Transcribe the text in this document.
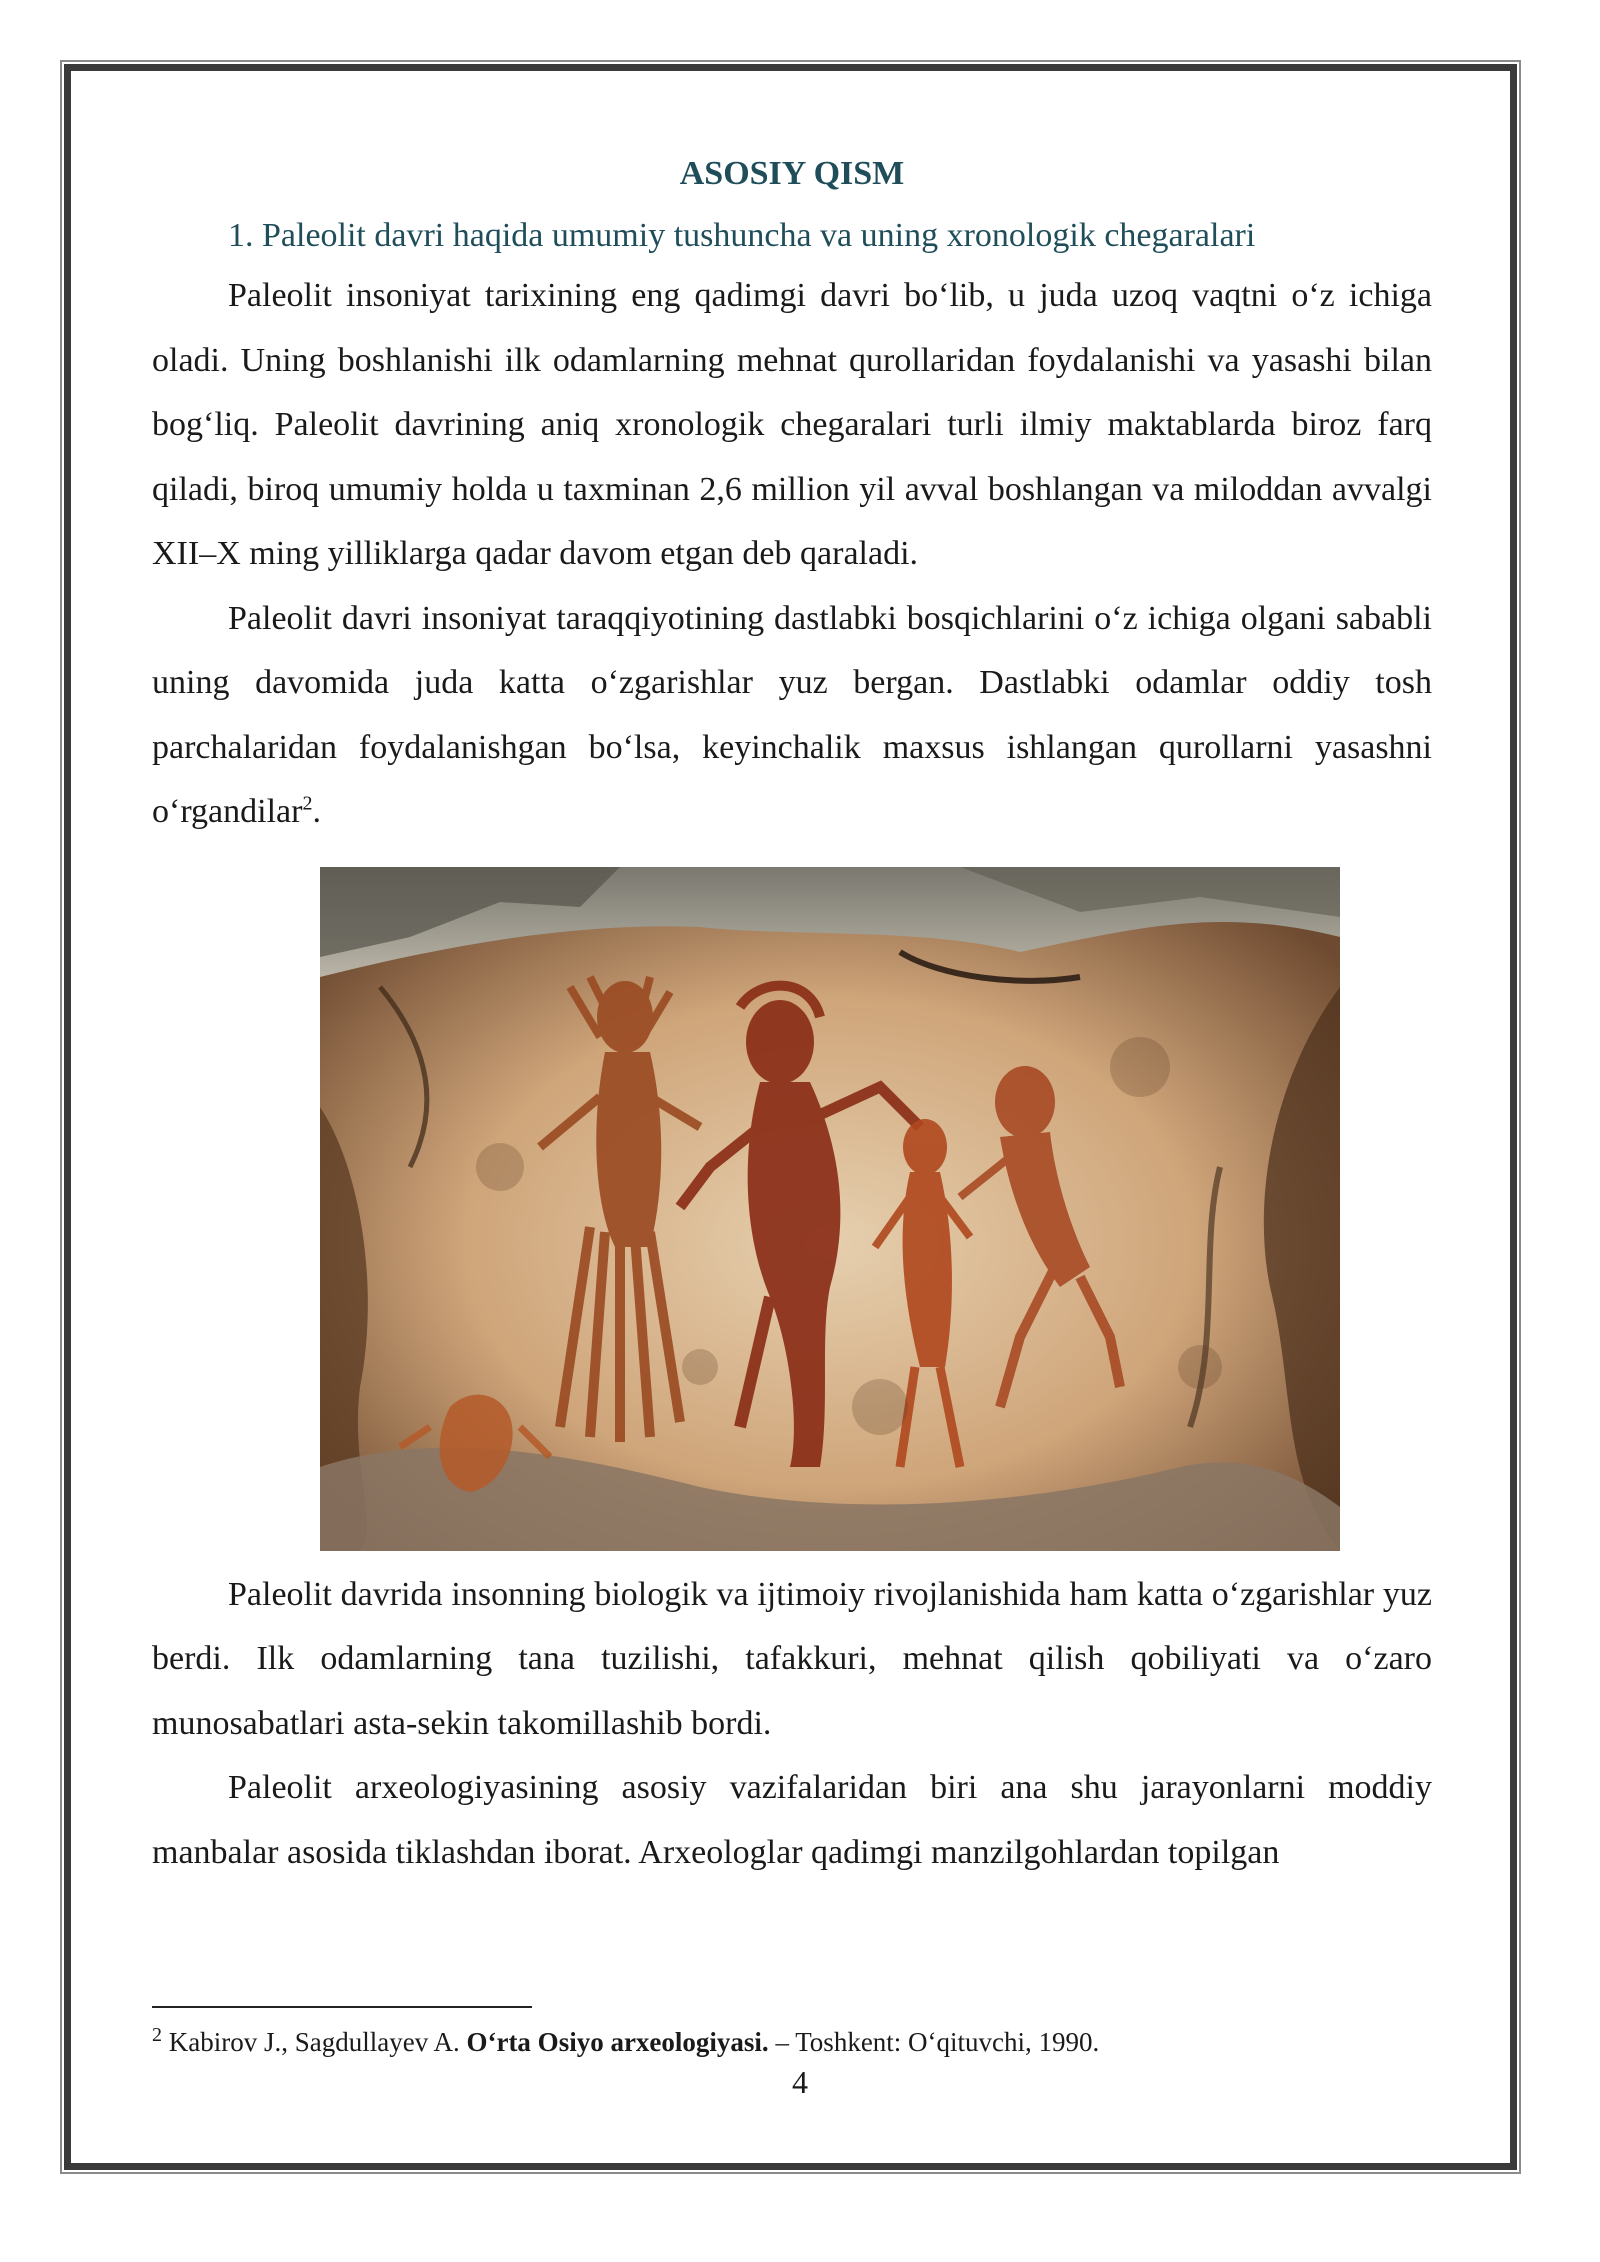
ASOSIY QISM
1. Paleolit davri haqida umumiy tushuncha va uning xronologik chegaralari

Paleolit insoniyat tarixining eng qadimgi davri bo‘lib, u juda uzoq vaqtni o‘z ichiga oladi. Uning boshlanishi ilk odamlarning mehnat qurollaridan foydalanishi va yasashi bilan bog‘liq. Paleolit davrining aniq xronologik chegaralari turli ilmiy maktablarda biroz farq qiladi, biroq umumiy holda u taxminan 2,6 million yil avval boshlangan va miloddan avvalgi XII–X ming yilliklarga qadar davom etgan deb qaraladi.

Paleolit davri insoniyat taraqqiyotining dastlabki bosqichlarini o‘z ichiga olgani sababli uning davomida juda katta o‘zgarishlar yuz bergan. Dastlabki odamlar oddiy tosh parchalaridan foydalanishgan bo‘lsa, keyinchalik maxsus ishlangan qurollarni yasashni o‘rgandilar$^2$.

Paleolit davrida insonning biologik va ijtimoiy rivojlanishida ham katta o‘zgarishlar yuz berdi. Ilk odamlarning tana tuzilishi, tafakkuri, mehnat qilish qobiliyati va o‘zaro munosabatlari asta-sekin takomillashib bordi.

Paleolit arxeologiyasining asosiy vazifalaridan biri ana shu jarayonlarni moddiy manbalar asosida tiklashdan iborat. Arxeologlar qadimgi manzilgohlardan topilgan

$^2$ Kabirov J., Sagdullayev A. O‘rta Osiyo arxeologiyasi. – Toshkent: O‘qituvchi, 1990.
4
